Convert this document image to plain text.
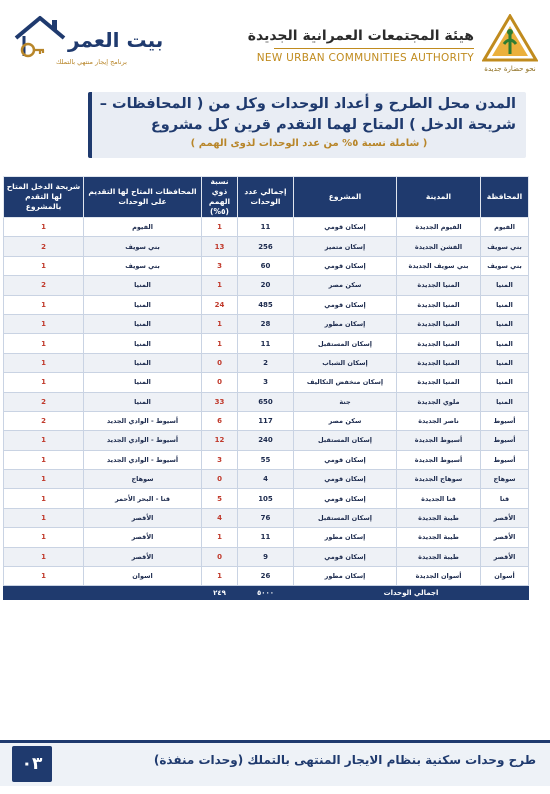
نحو حضارة جديدة
هيئة المجتمعات العمرانية الجديدة
NEW URBAN COMMUNITIES AUTHORITY
بيت العمر
برنامج إيجار منتهي بالتملك
المدن محل الطرح و أعداد الوحدات وكل من ( المحافظات –
شريحة الدخل ) المتاح لهما التقدم قرين كل مشروع
( شاملة نسبة ٥% من عدد الوحدات لذوى الهمم )
المحافظة	المدينة	المشروع	إجمالي عدد الوحدات	نسبة ذوي الهمم (٥%)	المحافظات المتاح لها التقديم على الوحدات	شريحة الدخل المتاح لها التقدم بالمشروع
الفيوم	الفيوم الجديدة	إسكان قومي	11	1	الفيوم	1
بني سويف	الفشن الجديدة	إسكان متميز	256	13	بني سويف	2
بني سويف	بني سويف الجديدة	إسكان قومي	60	3	بني سويف	1
المنيا	المنيا الجديدة	سكن مصر	20	1	المنيا	2
المنيا	المنيا الجديدة	إسكان قومي	485	24	المنيا	1
المنيا	المنيا الجديدة	إسكان مطور	28	1	المنيا	1
المنيا	المنيا الجديدة	إسكان المستقبل	11	1	المنيا	1
المنيا	المنيا الجديدة	إسكان الشباب	2	0	المنيا	1
المنيا	المنيا الجديدة	إسكان منخفض التكاليف	3	0	المنيا	1
المنيا	ملوي الجديدة	جنة	650	33	المنيا	2
أسيوط	ناصر الجديدة	سكن مصر	117	6	أسيوط - الوادي الجديد	2
أسيوط	أسيوط الجديدة	إسكان المستقبل	240	12	أسيوط - الوادي الجديد	1
أسيوط	أسيوط الجديدة	إسكان قومي	55	3	أسيوط - الوادي الجديد	1
سوهاج	سوهاج الجديدة	إسكان قومي	4	0	سوهاج	1
قنا	قنا الجديدة	إسكان قومي	105	5	قنا - البحر الأحمر	1
الأقصر	طيبة الجديدة	إسكان المستقبل	76	4	الأقصر	1
الأقصر	طيبة الجديدة	إسكان مطور	11	1	الأقصر	1
الأقصر	طيبة الجديدة	إسكان قومي	9	0	الأقصر	1
أسوان	أسوان الجديدة	إسكان مطور	26	1	اسوان	1
اجمالي الوحدات			٥٠٠٠	٢٤٩		
٠٣	طرح وحدات سكنية بنظام الايجار المنتهى بالتملك (وحدات منفذة)
